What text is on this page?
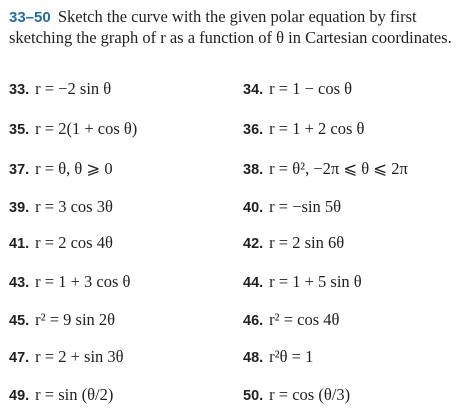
33–50 Sketch the curve with the given polar equation by first sketching the graph of r as a function of θ in Cartesian coordinates.
33. r = −2 sin θ	34. r = 1 − cos θ
35. r = 2(1 + cos θ)	36. r = 1 + 2 cos θ
37. r = θ, θ ⩾ 0	38. r = θ², −2π ⩽ θ ⩽ 2π
39. r = 3 cos 3θ	40. r = −sin 5θ
41. r = 2 cos 4θ	42. r = 2 sin 6θ
43. r = 1 + 3 cos θ	44. r = 1 + 5 sin θ
45. r² = 9 sin 2θ	46. r² = cos 4θ
47. r = 2 + sin 3θ	48. r²θ = 1
49. r = sin (θ/2)	50. r = cos (θ/3)
